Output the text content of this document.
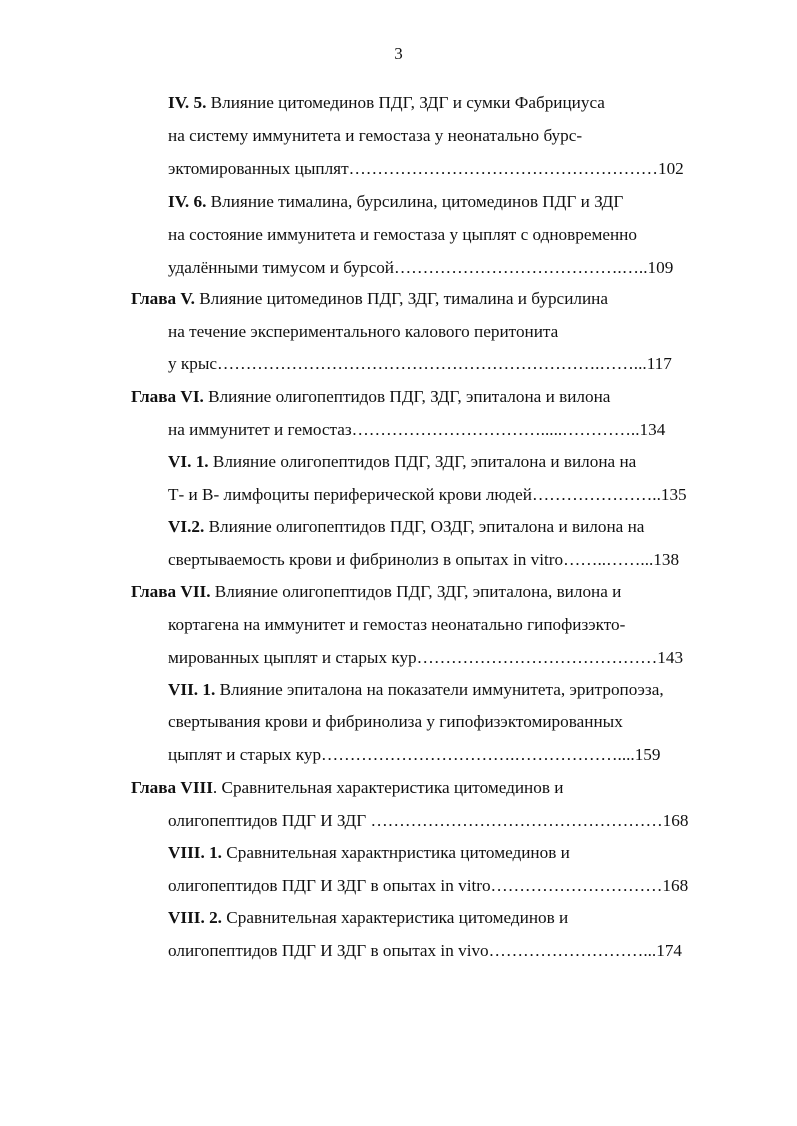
3
IV. 5. Влияние цитомединов ПДГ, ЗДГ и сумки Фабрициуса
на систему иммунитета и гемостаза у неонатально бурс-
эктомированных цыплят………………………………………………102
IV. 6. Влияние тималина, бурсилина, цитомединов ПДГ и ЗДГ
на состояние иммунитета и гемостаза у цыплят с одновременно
удалёнными тимусом и бурсой………………………………….…..109
Глава V. Влияние цитомединов ПДГ, ЗДГ, тималина и бурсилина
на течение экспериментального калового перитонита
у крыс………………………………………………………….……...117
Глава VI. Влияние олигопептидов ПДГ, ЗДГ, эпиталона и вилона
на иммунитет и гемостаз…………………………….....…………..134
VI. 1. Влияние олигопептидов ПДГ, ЗДГ, эпиталона и вилона на
Т- и В- лимфоциты периферической крови людей…………………..135
VI.2. Влияние олигопептидов ПДГ, ОЗДГ, эпиталона и вилона на
свертываемость крови и фибринолиз в опытах in vitro……..……...138
Глава VII. Влияние олигопептидов ПДГ, ЗДГ, эпиталона, вилона и
кортагена на иммунитет и гемостаз неонатально гипофизэкто-
мированных цыплят и старых кур……………………………………143
VII. 1. Влияние эпиталона на показатели иммунитета, эритропоэза,
свертывания крови и фибринолиза у гипофизэктомированных
цыплят и старых кур…………………………….………………....159
Глава VIII. Сравнительная характеристика цитомединов и
олигопептидов ПДГ И ЗДГ ……………………………………………168
VIII. 1. Сравнительная характнристика цитомединов и
олигопептидов ПДГ И ЗДГ в опытах in vitro…………………………168
VIII. 2. Сравнительная характеристика цитомединов и
олигопептидов ПДГ И ЗДГ в опытах in vivo………………………...174
